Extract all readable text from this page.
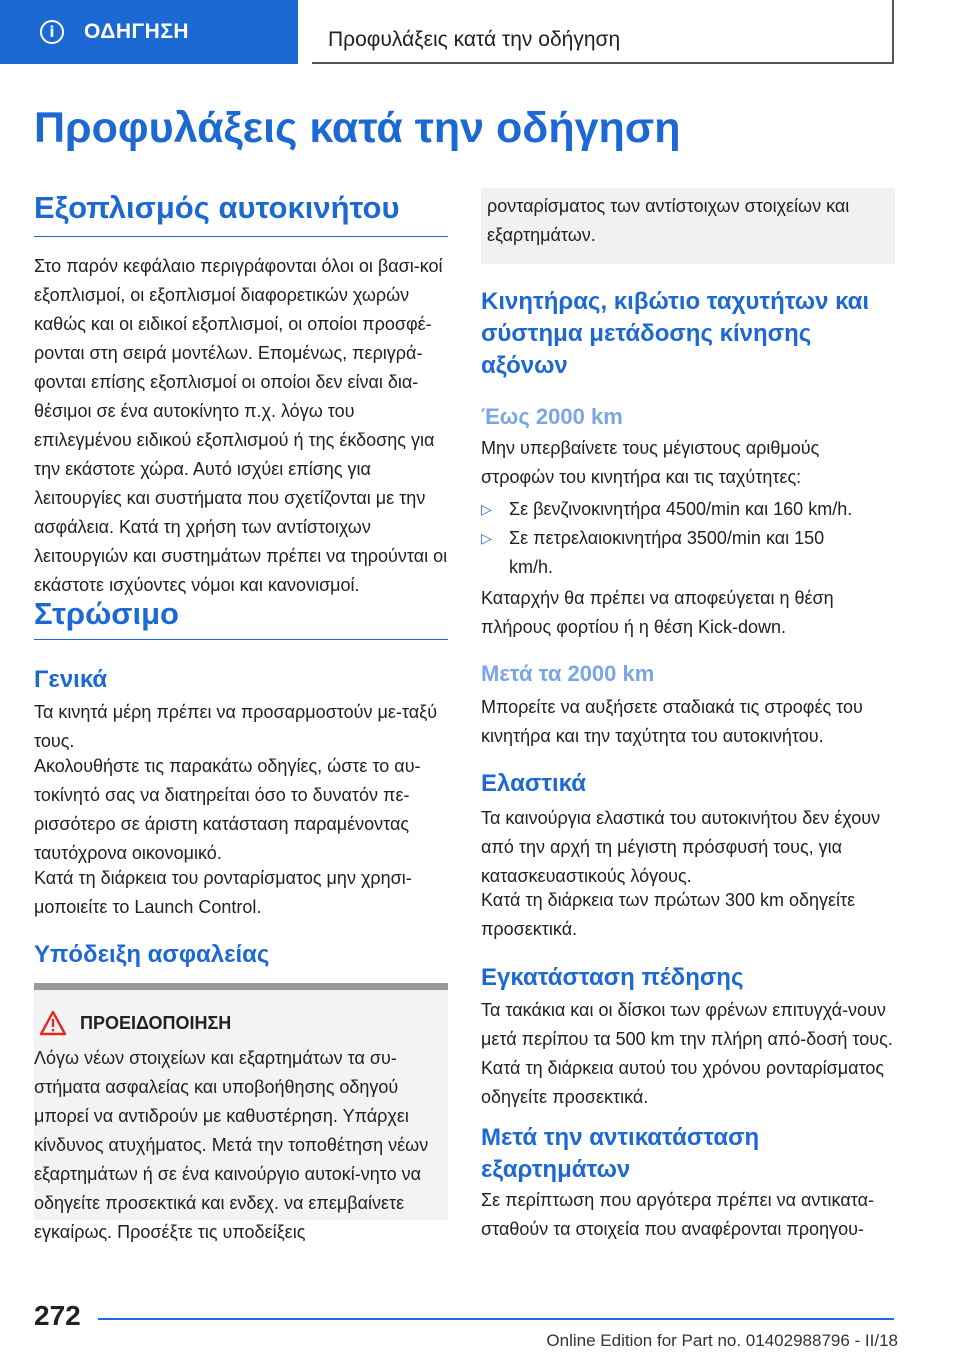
i	ΟΔΗΓΗΣΗ	Προφυλάξεις κατά την οδήγηση
Προφυλάξεις κατά την οδήγηση
Εξοπλισμός αυτοκινήτου

Στο παρόν κεφάλαιο περιγράφονται όλοι οι βασι‐κοί εξοπλισμοί, οι εξοπλισμοί διαφορετικών χωρών καθώς και οι ειδικοί εξοπλισμοί, οι οποίοι προσφέ‐ρονται στη σειρά μοντέλων. Επομένως, περιγρά‐φονται επίσης εξοπλισμοί οι οποίοι δεν είναι δια‐θέσιμοι σε ένα αυτοκίνητο π.χ. λόγω του επιλεγμένου ειδικού εξοπλισμού ή της έκδοσης για την εκάστοτε χώρα. Αυτό ισχύει επίσης για λειτουργίες και συστήματα που σχετίζονται με την ασφάλεια. Κατά τη χρήση των αντίστοιχων λειτουργιών και συστημάτων πρέπει να τηρούνται οι εκάστοτε ισχύοντες νόμοι και κανονισμοί.

Στρώσιμο
Γενικά

Τα κινητά μέρη πρέπει να προσαρμοστούν με‐ταξύ τους.

Ακολουθήστε τις παρακάτω οδηγίες, ώστε το αυ‐τοκίνητό σας να διατηρείται όσο το δυνατόν πε‐ρισσότερο σε άριστη κατάσταση παραμένοντας ταυτόχρονα οικονομικό.

Κατά τη διάρκεια του ρονταρίσματος μην χρησι‐μοποιείτε το Launch Control.

Υπόδειξη ασφαλείας
ΠΡΟΕΙΔΟΠΟΙΗΣΗ

Λόγω νέων στοιχείων και εξαρτημάτων τα συ‐στήματα ασφαλείας και υποβοήθησης οδηγού μπορεί να αντιδρούν με καθυστέρηση. Υπάρχει κίνδυνος ατυχήματος. Μετά την τοποθέτηση νέων εξαρτημάτων ή σε ένα καινούργιο αυτοκί‐νητο να οδηγείτε προσεκτικά και ενδεχ. να επεμβαίνετε εγκαίρως. Προσέξτε τις υποδείξεις

ρονταρίσματος των αντίστοιχων στοιχείων και εξαρτημάτων.

Κινητήρας, κιβώτιο ταχυτήτων και σύστημα μετάδοσης κίνησης αξόνων
Έως 2000 km

Μην υπερβαίνετε τους μέγιστους αριθμούς στροφών του κινητήρα και τις ταχύτητες:

▷ Σε βενζινοκινητήρα 4500/min και 160 km/h.
▷ Σε πετρελαιοκινητήρα 3500/min και 150 km/h.

Καταρχήν θα πρέπει να αποφεύγεται η θέση πλήρους φορτίου ή η θέση Kick-down.

Μετά τα 2000 km

Μπορείτε να αυξήσετε σταδιακά τις στροφές του κινητήρα και την ταχύτητα του αυτοκινήτου.

Ελαστικά

Τα καινούργια ελαστικά του αυτοκινήτου δεν έχουν από την αρχή τη μέγιστη πρόσφυσή τους, για κατασκευαστικούς λόγους.

Κατά τη διάρκεια των πρώτων 300 km οδηγείτε προσεκτικά.

Εγκατάσταση πέδησης

Τα τακάκια και οι δίσκοι των φρένων επιτυγχά‐νουν μετά περίπου τα 500 km την πλήρη από‐δοσή τους. Κατά τη διάρκεια αυτού του χρόνου ρονταρίσματος οδηγείτε προσεκτικά.

Μετά την αντικατάσταση εξαρτημάτων

Σε περίπτωση που αργότερα πρέπει να αντικατα‐σταθούν τα στοιχεία που αναφέρονται προηγου‐

272
Online Edition for Part no. 01402988796 - II/18
